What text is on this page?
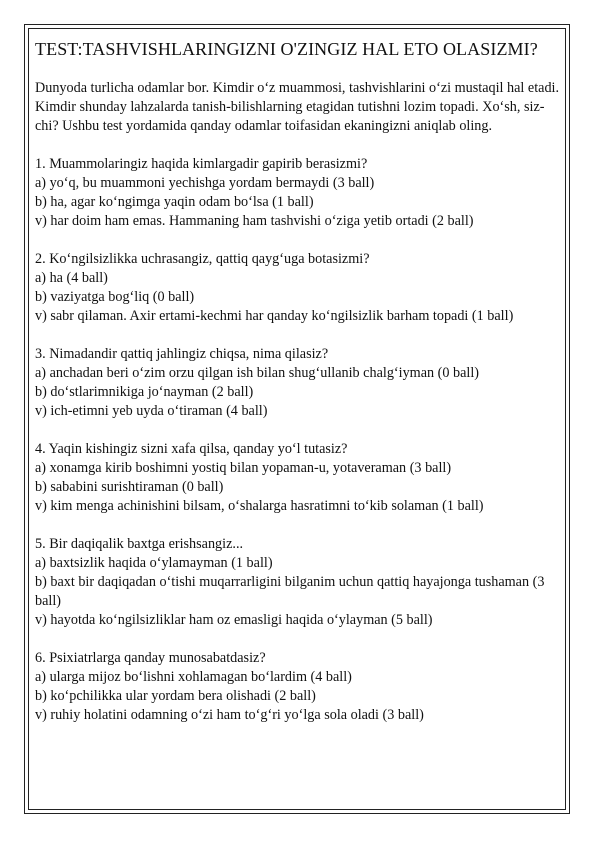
TEST:TASHVISHLARINGIZNI O'ZINGIZ HAL ETO OLASIZMI?

Dunyoda turlicha odamlar bor. Kimdir o‘z muammosi, tashvishlarini o‘zi mustaqil hal etadi. Kimdir shunday lahzalarda tanish-bilishlarning etagidan tutishni lozim topadi. Xo‘sh, siz-chi? Ushbu test yordamida qanday odamlar toifasidan ekaningizni aniqlab oling.

1. Muammolaringiz haqida kimlargadir gapirib berasizmi?

a) yo‘q, bu muammoni yechishga yordam bermaydi (3 ball)

b) ha, agar ko‘ngimga yaqin odam bo‘lsa (1 ball)

v) har doim ham emas. Hammaning ham tashvishi o‘ziga yetib ortadi (2 ball)

2. Ko‘ngilsizlikka uchrasangiz, qattiq qayg‘uga botasizmi?

a) ha (4 ball)

b) vaziyatga bog‘liq (0 ball)

v) sabr qilaman. Axir ertami-kechmi har qanday ko‘ngilsizlik barham topadi (1 ball)

3. Nimadandir qattiq jahlingiz chiqsa, nima qilasiz?

a) anchadan beri o‘zim orzu qilgan ish bilan shug‘ullanib chalg‘iyman (0 ball)

b) do‘stlarimnikiga jo‘nayman (2 ball)

v) ich-etimni yeb uyda o‘tiraman (4 ball)

4. Yaqin kishingiz sizni xafa qilsa, qanday yo‘l tutasiz?

a) xonamga kirib boshimni yostiq bilan yopaman-u, yotaveraman (3 ball)

b) sababini surishtiraman (0 ball)

v) kim menga achinishini bilsam, o‘shalarga hasratimni to‘kib solaman (1 ball)

5. Bir daqiqalik baxtga erishsangiz...

a) baxtsizlik haqida o‘ylamayman (1 ball)

b) baxt bir daqiqadan o‘tishi muqarrarligini bilganim uchun qattiq hayajonga tushaman (3 ball)

v) hayotda ko‘ngilsizliklar ham oz emasligi haqida o‘ylayman (5 ball)

6. Psixiatrlarga qanday munosabatdasiz?

a) ularga mijoz bo‘lishni xohlamagan bo‘lardim (4 ball)

b) ko‘pchilikka ular yordam bera olishadi (2 ball)

v) ruhiy holatini odamning o‘zi ham to‘g‘ri yo‘lga sola oladi (3 ball)
